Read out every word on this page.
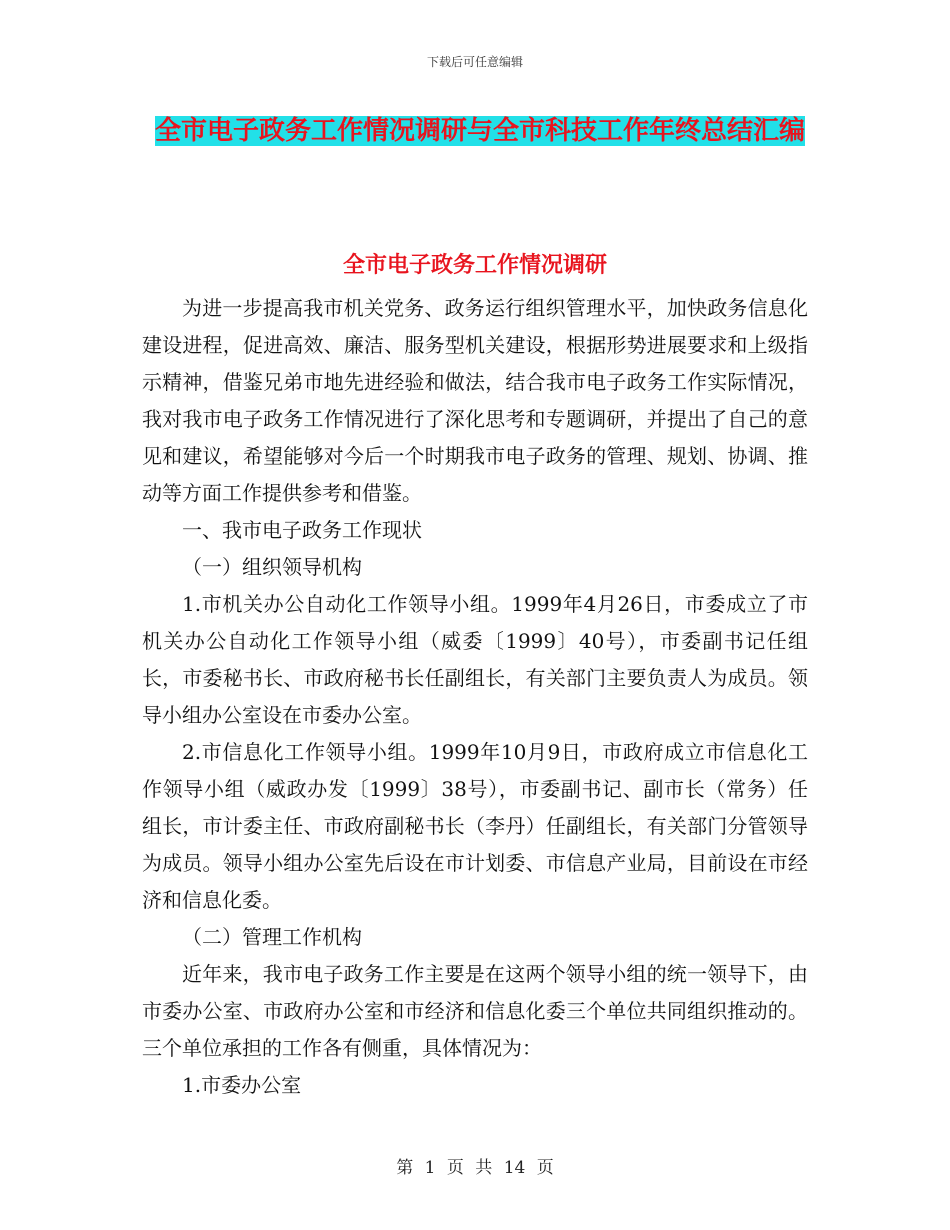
下载后可任意编辑
全市电子政务工作情况调研与全市科技工作年终总结汇编
全市电子政务工作情况调研

为进一步提高我市机关党务、政务运行组织管理水平，加快政务信息化建设进程，促进高效、廉洁、服务型机关建设，根据形势进展要求和上级指示精神，借鉴兄弟市地先进经验和做法，结合我市电子政务工作实际情况，我对我市电子政务工作情况进行了深化思考和专题调研，并提出了自己的意见和建议，希望能够对今后一个时期我市电子政务的管理、规划、协调、推动等方面工作提供参考和借鉴。

一、我市电子政务工作现状

（一）组织领导机构

1.市机关办公自动化工作领导小组。1999年4月26日，市委成立了市机关办公自动化工作领导小组（威委〔1999〕40号），市委副书记任组长，市委秘书长、市政府秘书长任副组长，有关部门主要负责人为成员。领导小组办公室设在市委办公室。

2.市信息化工作领导小组。1999年10月9日，市政府成立市信息化工作领导小组（威政办发〔1999〕38号），市委副书记、副市长（常务）任组长，市计委主任、市政府副秘书长（李丹）任副组长，有关部门分管领导为成员。领导小组办公室先后设在市计划委、市信息产业局，目前设在市经济和信息化委。

（二）管理工作机构

近年来，我市电子政务工作主要是在这两个领导小组的统一领导下，由市委办公室、市政府办公室和市经济和信息化委三个单位共同组织推动的。三个单位承担的工作各有侧重，具体情况为：

1.市委办公室

第 1 页 共 14 页
